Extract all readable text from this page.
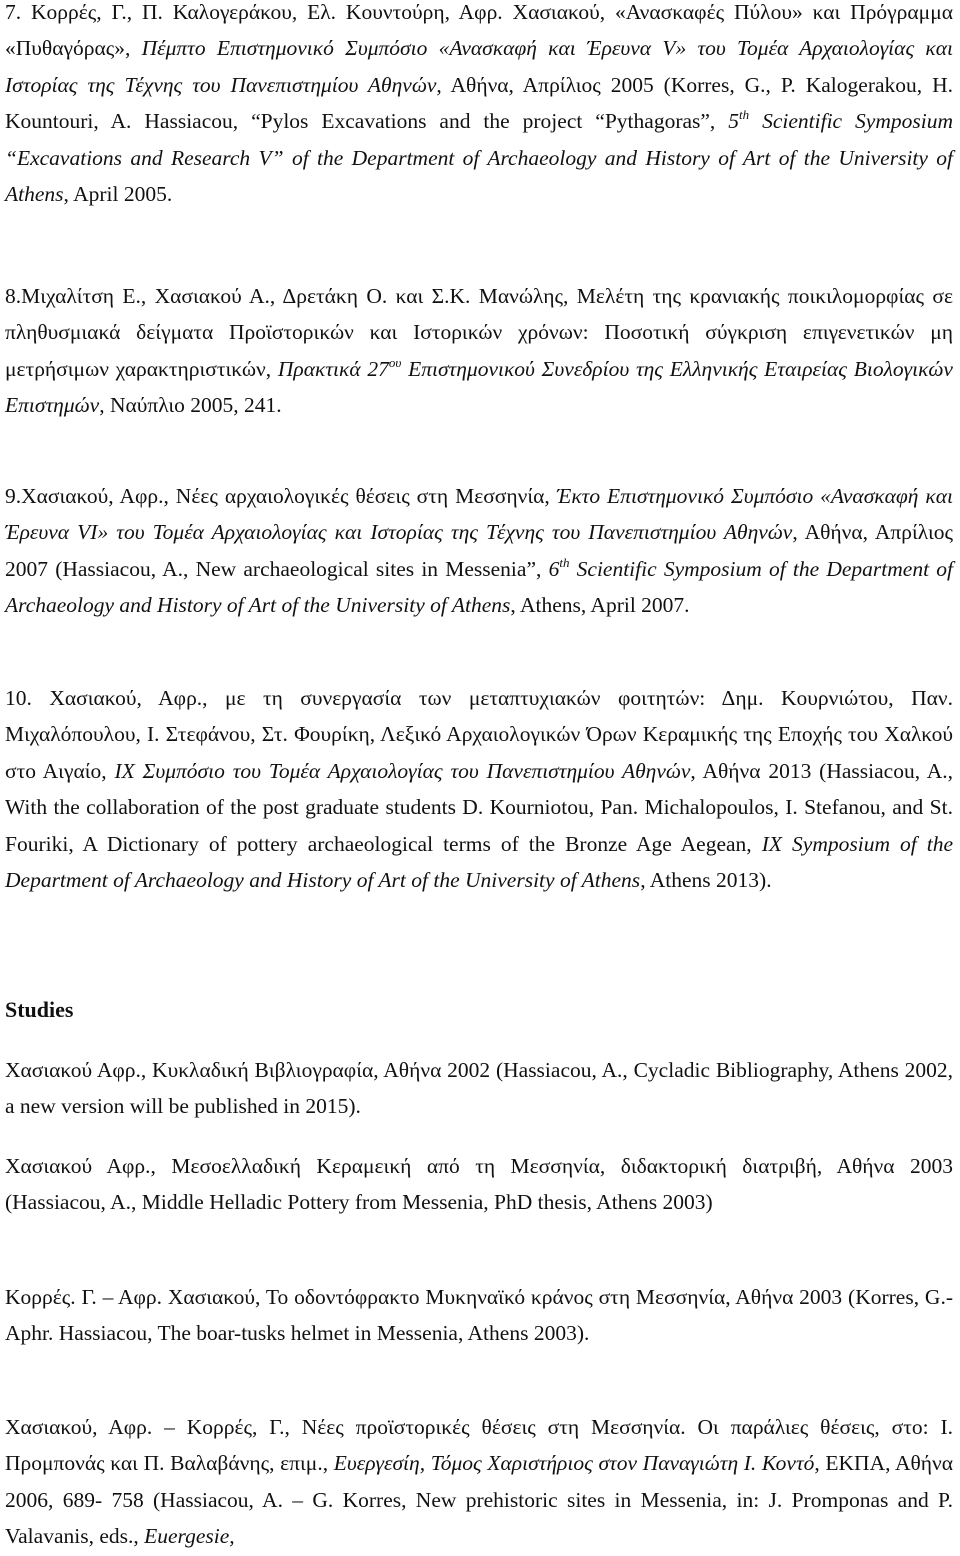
7. Κορρές, Γ., Π. Καλογεράκου, Ελ. Κουντούρη, Αφρ. Χασιακού, «Ανασκαφές Πύλου» και Πρόγραμμα «Πυθαγόρας», Πέμπτο Επιστημονικό Συμπόσιο «Ανασκαφή και Έρευνα V» του Τομέα Αρχαιολογίας και Ιστορίας της Τέχνης του Πανεπιστημίου Αθηνών, Αθήνα, Απρίλιος 2005 (Korres, G., P. Kalogerakou, H. Kountouri, A. Hassiacou, “Pylos Excavations and the project “Pythagoras”, 5th Scientific Symposium “Excavations and Research V” of the Department of Archaeology and History of Art of the University of Athens, April 2005.

8.Μιχαλίτση Ε., Χασιακού Α., Δρετάκη Ο. και Σ.Κ. Μανώλης, Μελέτη της κρανιακής ποικιλομορφίας σε πληθυσμιακά δείγματα Προϊστορικών και Ιστορικών χρόνων: Ποσοτική σύγκριση επιγενετικών μη μετρήσιμων χαρακτηριστικών, Πρακτικά $27^{o\upsilon}$ Επιστημονικού Συνεδρίου της Ελληνικής Εταιρείας Βιολογικών Επιστημών, Ναύπλιο 2005, 241.

9.Χασιακού, Αφρ., Νέες αρχαιολογικές θέσεις στη Μεσσηνία, Έκτο Επιστημονικό Συμπόσιο «Ανασκαφή και Έρευνα VI» του Τομέα Αρχαιολογίας και Ιστορίας της Τέχνης του Πανεπιστημίου Αθηνών, Αθήνα, Απρίλιος 2007 (Hassiacou, A., New archaeological sites in Messenia”, 6th Scientific Symposium of the Department of Archaeology and History of Art of the University of Athens, Athens, April 2007.

10. Χασιακού, Αφρ., με τη συνεργασία των μεταπτυχιακών φοιτητών: Δημ. Κουρνιώτου, Παν. Μιχαλόπουλου, Ι. Στεφάνου, Στ. Φουρίκη, Λεξικό Αρχαιολογικών Όρων Κεραμικής της Εποχής του Χαλκού στο Αιγαίο, IX Συμπόσιο του Τομέα Αρχαιολογίας του Πανεπιστημίου Αθηνών, Αθήνα 2013 (Hassiacou, A., With the collaboration of the post graduate students D. Kourniotou, Pan. Michalopoulos, I. Stefanou, and St. Fouriki, A Dictionary of pottery archaeological terms of the Bronze Age Aegean, IX Symposium of the Department of Archaeology and History of Art of the University of Athens, Athens 2013).

Studies

Χασιακού Αφρ., Κυκλαδική Βιβλιογραφία, Αθήνα 2002 (Hassiacou, A., Cycladic Bibliography, Athens 2002, a new version will be published in 2015).

Χασιακού Αφρ., Μεσοελλαδική Κεραμεική από τη Μεσσηνία, διδακτορική διατριβή, Αθήνα 2003 (Hassiacou, A., Middle Helladic Pottery from Messenia, PhD thesis, Athens 2003)

Κορρές. Γ. – Αφρ. Χασιακού, Το οδοντόφρακτο Μυκηναϊκό κράνος στη Μεσσηνία, Αθήνα 2003 (Korres, G.- Aphr. Hassiacou, The boar-tusks helmet in Messenia, Athens 2003).

Χασιακού, Αφρ. – Κορρές, Γ., Νέες προϊστορικές θέσεις στη Μεσσηνία. Οι παράλιες θέσεις, στο: Ι. Προμπονάς και Π. Βαλαβάνης, επιμ., Ευεργεσίη, Τόμος Χαριστήριος στον Παναγιώτη Ι. Κοντό, ΕΚΠΑ, Αθήνα 2006, 689- 758 (Hassiacou, A. – G. Korres, New prehistoric sites in Messenia, in: J. Promponas and P. Valavanis, eds., Euergesie,
